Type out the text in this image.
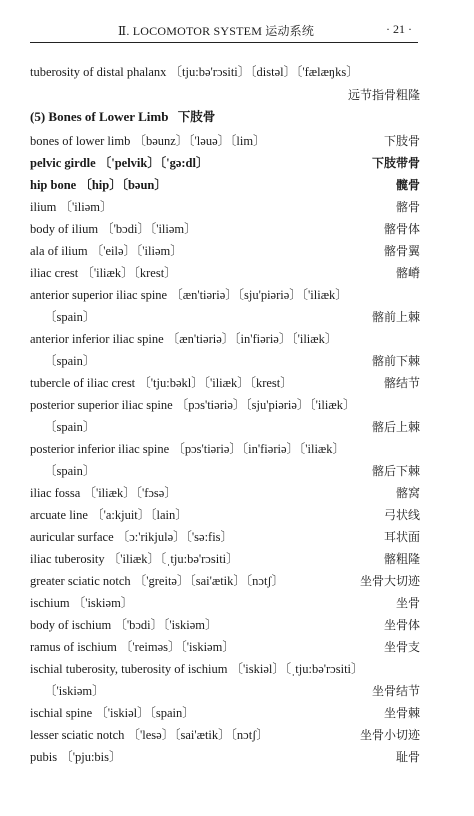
Ⅱ. LOCOMOTOR SYSTEM 运动系统	· 21 ·
tuberosity of distal phalanx 〔tju:bə'rɔsiti〕〔distəl〕〔'fælæŋks〕
远节指骨粗隆
(5) Bones of Lower Limb 下肢骨
bones of lower limb 〔bəunz〕〔'ləuə〕〔lim〕	下肢骨
pelvic girdle 〔'pelvik〕〔'gə:dl〕	下肢带骨
hip bone 〔hip〕〔bəun〕	髋骨
ilium 〔'iliəm〕	髂骨
body of ilium 〔'bɔdi〕〔'iliəm〕	髂骨体
ala of ilium 〔'eilə〕〔'iliəm〕	髂骨翼
iliac crest 〔'iliæk〕〔krest〕	髂嵴
anterior superior iliac spine 〔æn'tiəriə〕〔sju'piəriə〕〔'iliæk〕
〔spain〕	髂前上棘
anterior inferior iliac spine 〔æn'tiəriə〕〔in'fiəriə〕〔'iliæk〕
〔spain〕	髂前下棘
tubercle of iliac crest 〔'tju:bəkl〕〔'iliæk〕〔krest〕	髂结节
posterior superior iliac spine 〔pɔs'tiəriə〕〔sju'piəriə〕〔'iliæk〕
〔spain〕	髂后上棘
posterior inferior iliac spine 〔pɔs'tiəriə〕〔in'fiəriə〕〔'iliæk〕
〔spain〕	髂后下棘
iliac fossa 〔'iliæk〕〔'fɔsə〕	髂窝
arcuate line 〔'a:kjuit〕〔lain〕	弓状线
auricular surface 〔ɔ:'rikjulə〕〔'sə:fis〕	耳状面
iliac tuberosity 〔'iliæk〕〔ˌtju:bə'rɔsiti〕	髂粗隆
greater sciatic notch 〔'greitə〕〔sai'ætik〕〔nɔtʃ〕	坐骨大切迹
ischium 〔'iskiəm〕	坐骨
body of ischium 〔'bɔdi〕〔'iskiəm〕	坐骨体
ramus of ischium 〔'reiməs〕〔'iskiəm〕	坐骨支
ischial tuberosity, tuberosity of ischium 〔'iskiəl〕〔ˌtju:bə'rɔsiti〕
〔'iskiəm〕	坐骨结节
ischial spine 〔'iskiəl〕〔spain〕	坐骨棘
lesser sciatic notch 〔'lesə〕〔sai'ætik〕〔nɔtʃ〕	坐骨小切迹
pubis 〔'pju:bis〕	耻骨
